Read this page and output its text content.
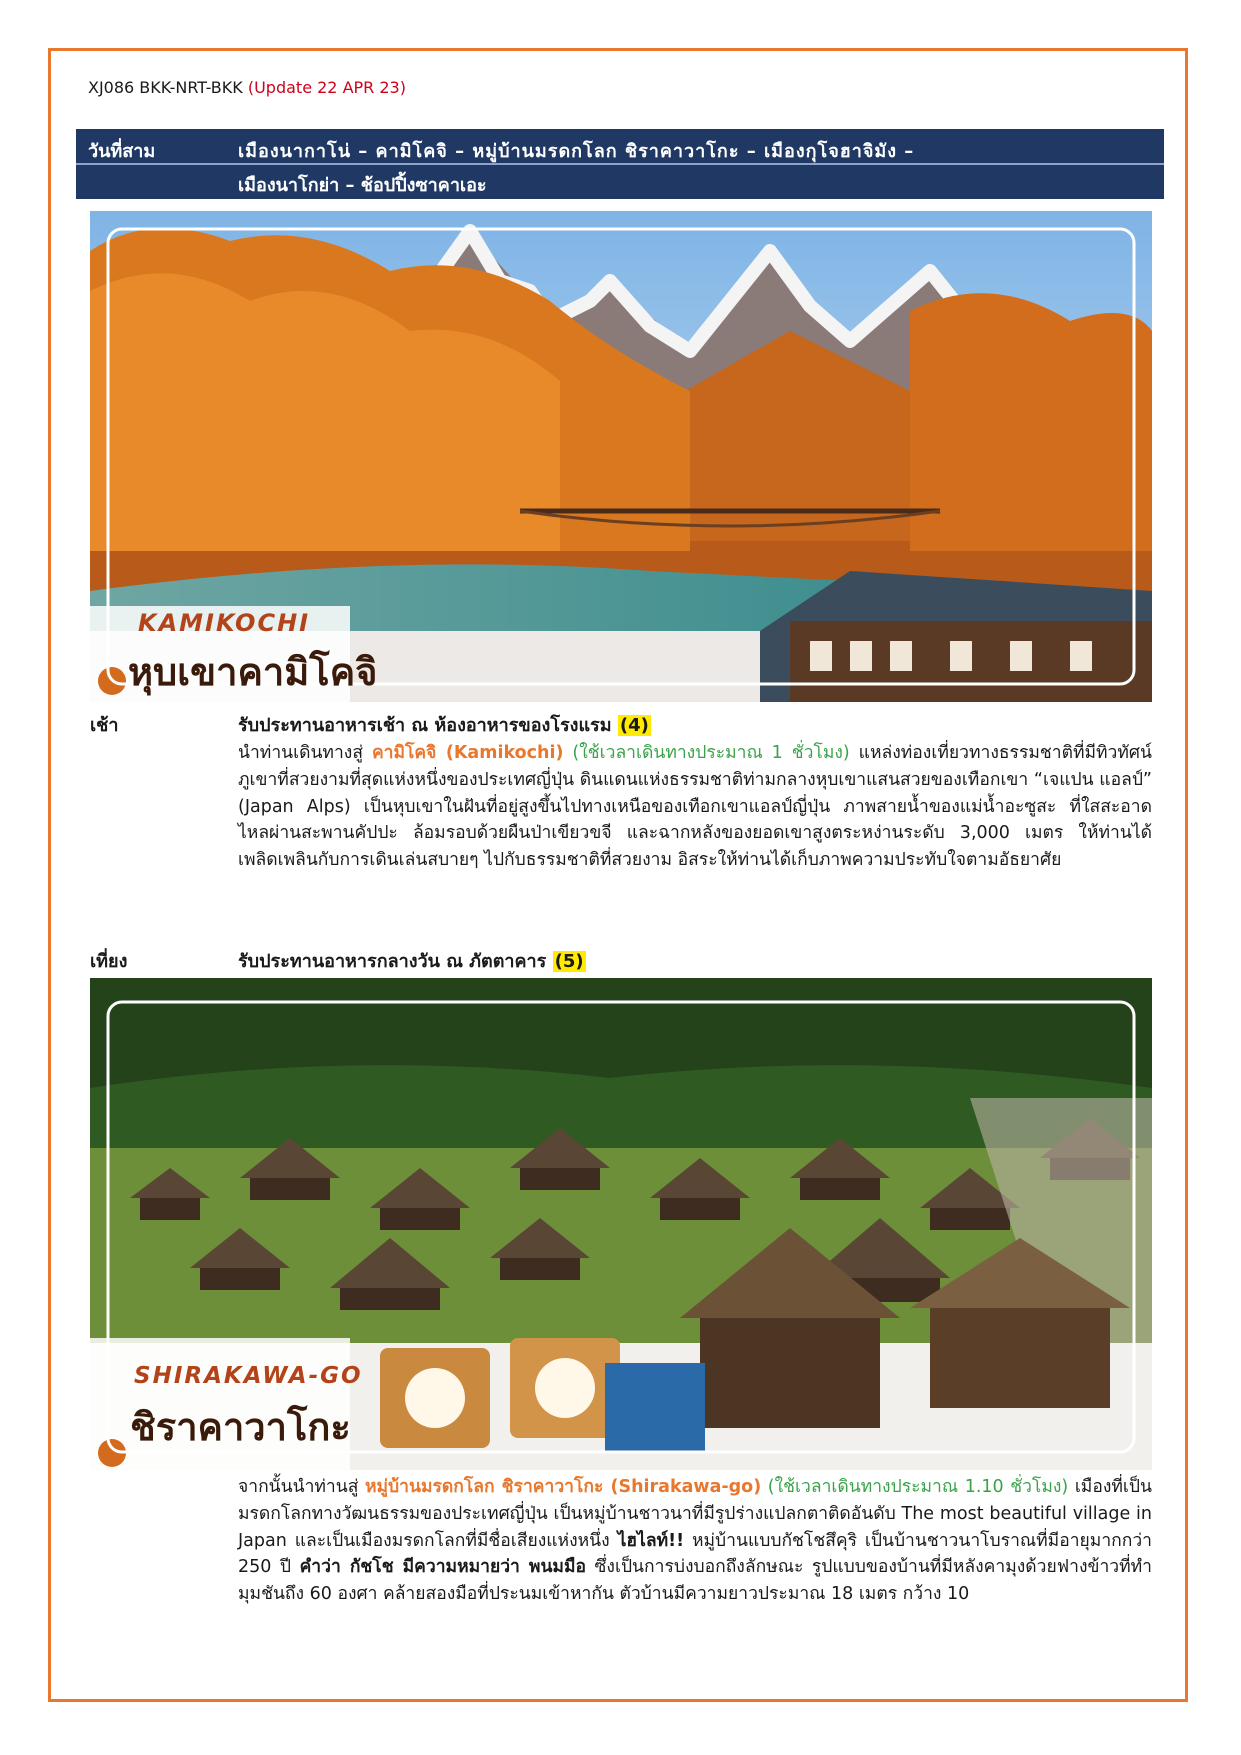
XJ086 BKK-NRT-BKK (Update 22 APR 23)
วันที่สาม	เมืองนากาโน่ – คามิโคจิ – หมู่บ้านมรดกโลก ชิราคาวาโกะ – เมืองกุโจฮาจิมัง –
เมืองนาโกย่า – ช้อปปิ้งซาคาเอะ
KAMIKOCHI
หุบเขาคามิโคจิ
เช้า	รับประทานอาหารเช้า ณ ห้องอาหารของโรงแรม (4)
นำท่านเดินทางสู่ คามิโคจิ (Kamikochi) (ใช้เวลาเดินทางประมาณ 1 ชั่วโมง) แหล่งท่องเที่ยวทางธรรมชาติที่มีทิวทัศน์ภูเขาที่สวยงามที่สุดแห่งหนึ่งของประเทศญี่ปุ่น ดินแดนแห่งธรรมชาติท่ามกลางหุบเขาแสนสวยของเทือกเขา “เจแปน แอลป์” (Japan Alps) เป็นหุบเขาในฝันที่อยู่สูงขึ้นไปทางเหนือของเทือกเขาแอลป์ญี่ปุ่น ภาพสายน้ำของแม่น้ำอะซูสะ ที่ใสสะอาดไหลผ่านสะพานคัปปะ ล้อมรอบด้วยผืนป่าเขียวขจี และฉากหลังของยอดเขาสูงตระหง่านระดับ 3,000 เมตร ให้ท่านได้เพลิดเพลินกับการเดินเล่นสบายๆ ไปกับธรรมชาติที่สวยงาม อิสระให้ท่านได้เก็บภาพความประทับใจตามอัธยาศัย
เที่ยง	รับประทานอาหารกลางวัน ณ ภัตตาคาร (5)
SHIRAKAWA-GO
ชิราคาวาโกะ
จากนั้นนำท่านสู่ หมู่บ้านมรดกโลก ชิราคาวาโกะ (Shirakawa-go) (ใช้เวลาเดินทางประมาณ 1.10 ชั่วโมง) เมืองที่เป็นมรดกโลกทางวัฒนธรรมของประเทศญี่ปุ่น เป็นหมู่บ้านชาวนาที่มีรูปร่างแปลกตาติดอันดับ The most beautiful village in Japan และเป็นเมืองมรดกโลกที่มีชื่อเสียงแห่งหนึ่ง ไฮไลท์!! หมู่บ้านแบบกัชโชสึคุริ เป็นบ้านชาวนาโบราณที่มีอายุมากกว่า 250 ปี คำว่า กัชโช มีความหมายว่า พนมมือ ซึ่งเป็นการบ่งบอกถึงลักษณะ รูปแบบของบ้านที่มีหลังคามุงด้วยฟางข้าวที่ทำมุมชันถึง 60 องศา คล้ายสองมือที่ประนมเข้าหากัน ตัวบ้านมีความยาวประมาณ 18 เมตร กว้าง 10
